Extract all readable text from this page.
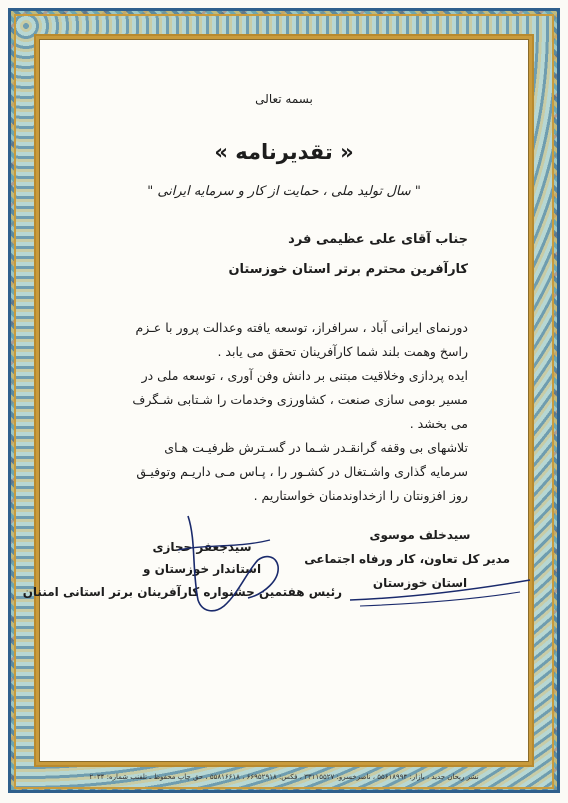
بسمه تعالی
« تقدیرنامه »
" سال تولید ملی ، حمایت از کار و سرمایه ایرانی "
جناب آقای علی عظیمی فرد
کارآفرین محترم برتر استان خوزستان
دورنمای ایرانی آباد ، سرافراز، توسعه یافته وعدالت پرور با عـزم
راسخ وهمت بلند شما کارآفرینان تحقق می یابد .
ایده پردازی وخلاقیت مبتنی بر دانش وفن آوری ، توسعه ملی در
مسیر بومی سازی صنعت ، کشاورزی وخدمات را شـتابی شـگرف
می بخشد .
تلاشهای بی وقفه گرانقـدر شـما در گسـترش ظرفیـت هـای
سرمایه گذاری واشـتغال در کشـور را ، پـاس مـی داریـم وتوفیـق
روز افزونتان را ازخداوندمنان خواستاریم .
سیدجعفر حجازی
استاندار خوزستان و
رئیس هفتمین جشنواره کارآفرینان برتر استانی امننان
سیدخلف موسوی
مدیر کل تعاون، کار ورفاه اجتماعی
استان خوزستان
نشر ریحان جدید ، بازار: ۵۵۶۱۸۹۹۴ ، ناصرخسرو: ۳۳۱۱۵۵۲۷ ، فکس: ۶۶۹۵۲۹۱۸ ، ۵۵۸۱۶۶۱۸ ، حق چاپ محفوظ ـ تلفنب شماره: ۲۰۳۴
